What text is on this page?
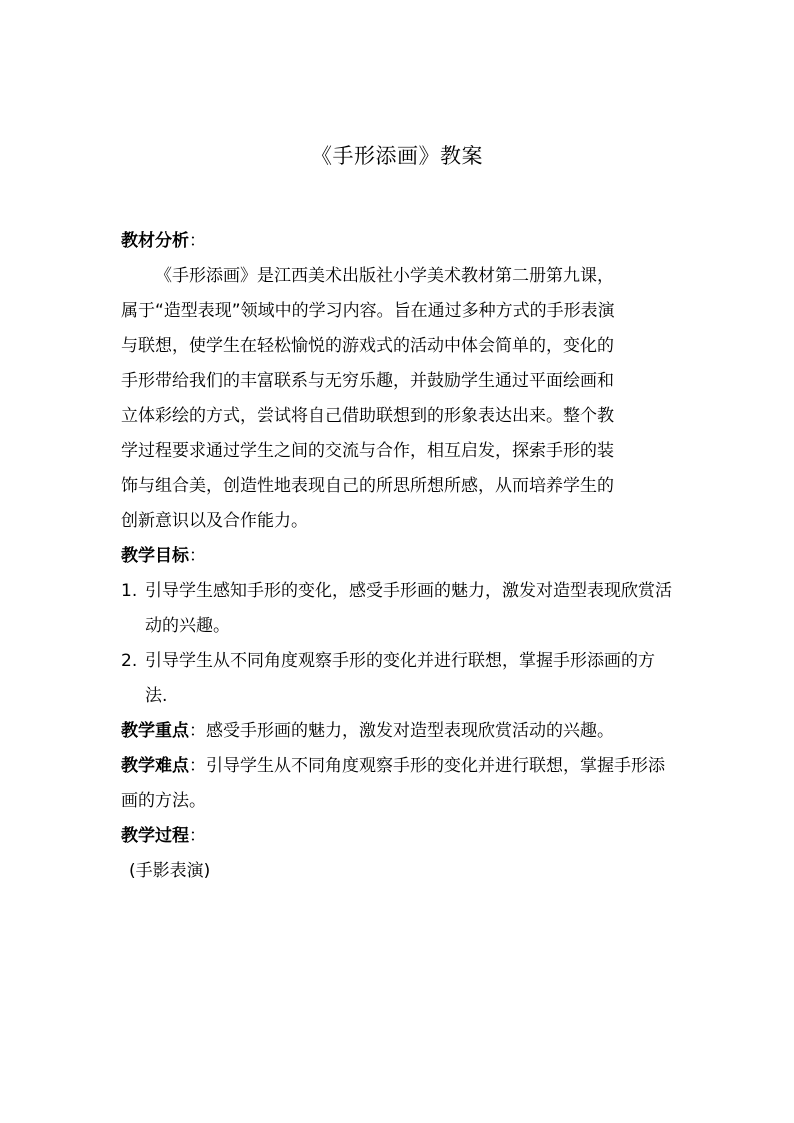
《手形添画》教案
教材分析：
《手形添画》是江西美术出版社小学美术教材第二册第九课，
属于“造型表现”领域中的学习内容。旨在通过多种方式的手形表演
与联想，使学生在轻松愉悦的游戏式的活动中体会简单的，变化的
手形带给我们的丰富联系与无穷乐趣，并鼓励学生通过平面绘画和
立体彩绘的方式，尝试将自己借助联想到的形象表达出来。整个教
学过程要求通过学生之间的交流与合作，相互启发，探索手形的装
饰与组合美，创造性地表现自己的所思所想所感，从而培养学生的
创新意识以及合作能力。
教学目标：
1. 引导学生感知手形的变化，感受手形画的魅力，激发对造型表现欣赏活动的兴趣。
2. 引导学生从不同角度观察手形的变化并进行联想，掌握手形添画的方法.
教学重点：感受手形画的魅力，激发对造型表现欣赏活动的兴趣。
教学难点：引导学生从不同角度观察手形的变化并进行联想，掌握手形添画的方法。
教学过程：
(手影表演)
